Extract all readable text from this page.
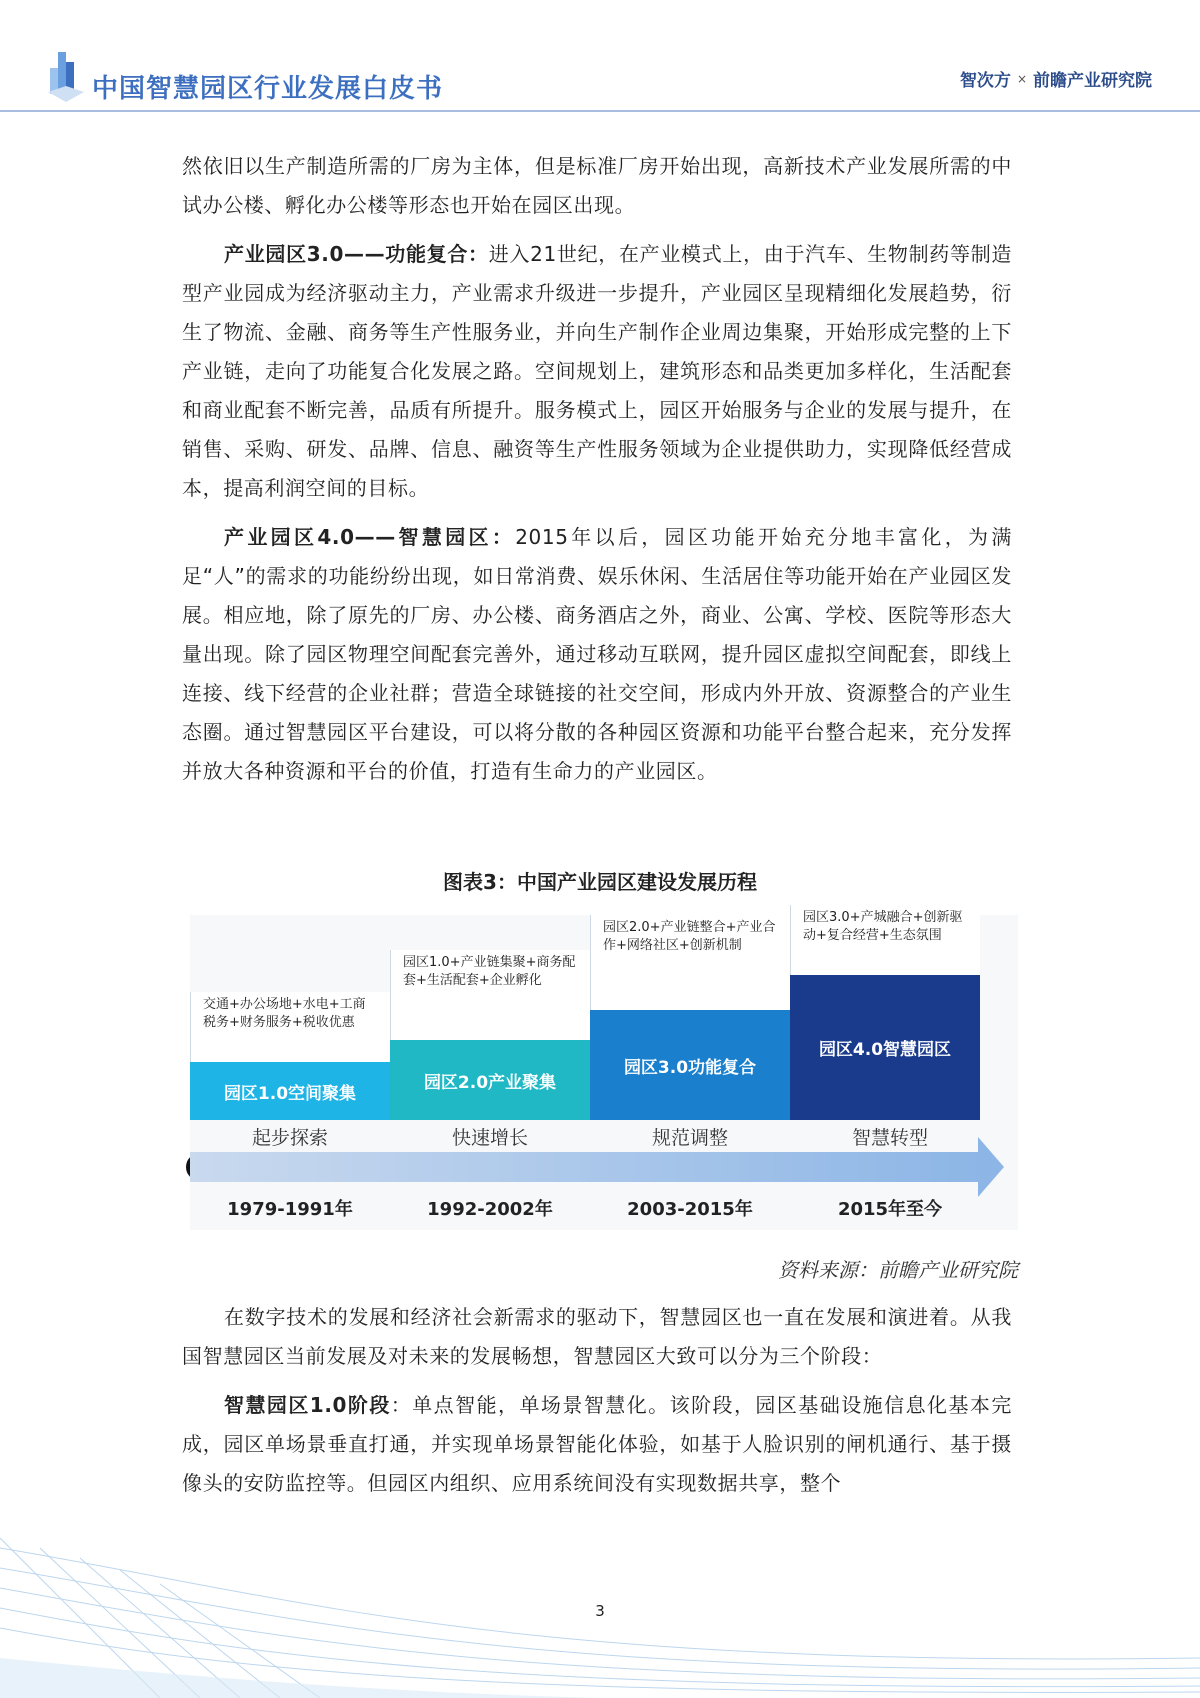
中国智慧园区行业发展白皮书	智次方 × 前瞻产业研究院

然依旧以生产制造所需的厂房为主体，但是标准厂房开始出现，高新技术产业发展所需的中试办公楼、孵化办公楼等形态也开始在园区出现。

产业园区3.0——功能复合：进入21世纪，在产业模式上，由于汽车、生物制药等制造型产业园成为经济驱动主力，产业需求升级进一步提升，产业园区呈现精细化发展趋势，衍生了物流、金融、商务等生产性服务业，并向生产制作企业周边集聚，开始形成完整的上下产业链，走向了功能复合化发展之路。空间规划上，建筑形态和品类更加多样化，生活配套和商业配套不断完善，品质有所提升。服务模式上，园区开始服务与企业的发展与提升，在销售、采购、研发、品牌、信息、融资等生产性服务领域为企业提供助力，实现降低经营成本，提高利润空间的目标。

产业园区4.0——智慧园区：2015年以后，园区功能开始充分地丰富化，为满足“人”的需求的功能纷纷出现，如日常消费、娱乐休闲、生活居住等功能开始在产业园区发展。相应地，除了原先的厂房、办公楼、商务酒店之外，商业、公寓、学校、医院等形态大量出现。除了园区物理空间配套完善外，通过移动互联网，提升园区虚拟空间配套，即线上连接、线下经营的企业社群；营造全球链接的社交空间，形成内外开放、资源整合的产业生态圈。通过智慧园区平台建设，可以将分散的各种园区资源和功能平台整合起来，充分发挥并放大各种资源和平台的价值，打造有生命力的产业园区。

图表3：中国产业园区建设发展历程
交通+办公场地+水电+工商税务+财务服务+税收优惠
园区1.0空间聚集
起步探索
1979-1991年
园区1.0+产业链集聚+商务配套+生活配套+企业孵化
园区2.0产业聚集
快速增长
1992-2002年
园区2.0+产业链整合+产业合作+网络社区+创新机制
园区3.0功能复合
规范调整
2003-2015年
园区3.0+产城融合+创新驱动+复合经营+生态氛围
园区4.0智慧园区
智慧转型
2015年至今
资料来源：前瞻产业研究院

在数字技术的发展和经济社会新需求的驱动下，智慧园区也一直在发展和演进着。从我国智慧园区当前发展及对未来的发展畅想，智慧园区大致可以分为三个阶段：

智慧园区1.0阶段：单点智能，单场景智慧化。该阶段，园区基础设施信息化基本完成，园区单场景垂直打通，并实现单场景智能化体验，如基于人脸识别的闸机通行、基于摄像头的安防监控等。但园区内组织、应用系统间没有实现数据共享，整个

3
